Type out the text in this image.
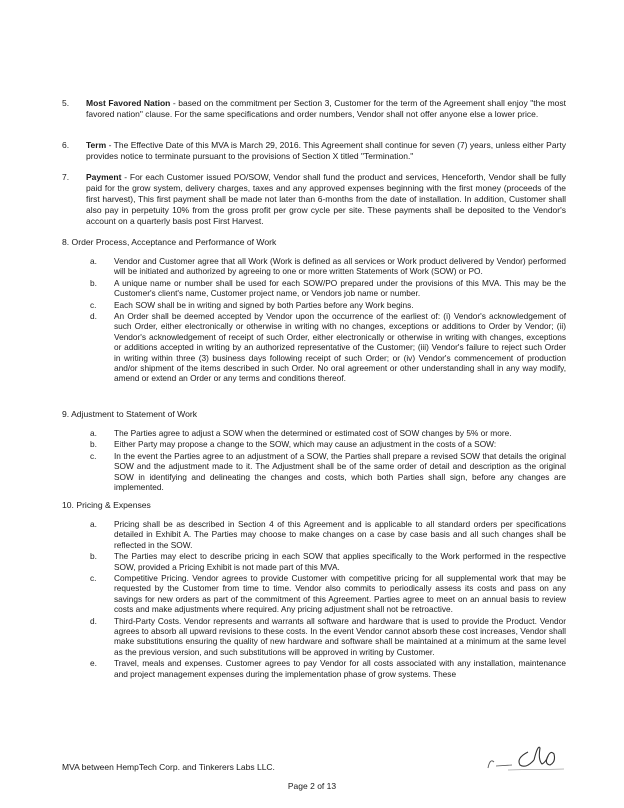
5.	Most Favored Nation - based on the commitment per Section 3, Customer for the term of the Agreement shall enjoy "the most favored nation" clause. For the same specifications and order numbers, Vendor shall not offer anyone else a lower price.
6.	Term - The Effective Date of this MVA is March 29, 2016. This Agreement shall continue for seven (7) years, unless either Party provides notice to terminate pursuant to the provisions of Section X titled "Termination."
7.	Payment - For each Customer issued PO/SOW, Vendor shall fund the product and services, Henceforth, Vendor shall be fully paid for the grow system, delivery charges, taxes and any approved expenses beginning with the first money (proceeds of the first harvest), This first payment shall be made not later than 6-months from the date of installation. In addition, Customer shall also pay in perpetuity 10% from the gross profit per grow cycle per site. These payments shall be deposited to the Vendor's account on a quarterly basis post First Harvest.
8. Order Process, Acceptance and Performance of Work
a. Vendor and Customer agree that all Work (Work is defined as all services or Work product delivered by Vendor) performed will be initiated and authorized by agreeing to one or more written Statements of Work (SOW) or PO.
b. A unique name or number shall be used for each SOW/PO prepared under the provisions of this MVA. This may be the Customer's client's name, Customer project name, or Vendors job name or number.
c. Each SOW shall be in writing and signed by both Parties before any Work begins.
d. An Order shall be deemed accepted by Vendor upon the occurrence of the earliest of: (i) Vendor's acknowledgement of such Order, either electronically or otherwise in writing with no changes, exceptions or additions to Order by Vendor; (ii) Vendor's acknowledgement of receipt of such Order, either electronically or otherwise in writing with changes, exceptions or additions accepted in writing by an authorized representative of the Customer; (iii) Vendor's failure to reject such Order in writing within three (3) business days following receipt of such Order; or (iv) Vendor's commencement of production and/or shipment of the items described in such Order. No oral agreement or other understanding shall in any way modify, amend or extend an Order or any terms and conditions thereof.
9. Adjustment to Statement of Work
a. The Parties agree to adjust a SOW when the determined or estimated cost of SOW changes by 5% or more.
b. Either Party may propose a change to the SOW, which may cause an adjustment in the costs of a SOW:
c. In the event the Parties agree to an adjustment of a SOW, the Parties shall prepare a revised SOW that details the original SOW and the adjustment made to it. The Adjustment shall be of the same order of detail and description as the original SOW in identifying and delineating the changes and costs, which both Parties shall sign, before any changes are implemented.
10. Pricing & Expenses
a. Pricing shall be as described in Section 4 of this Agreement and is applicable to all standard orders per specifications detailed in Exhibit A. The Parties may choose to make changes on a case by case basis and all such changes shall be reflected in the SOW.
b. The Parties may elect to describe pricing in each SOW that applies specifically to the Work performed in the respective SOW, provided a Pricing Exhibit is not made part of this MVA.
c. Competitive Pricing. Vendor agrees to provide Customer with competitive pricing for all supplemental work that may be requested by the Customer from time to time. Vendor also commits to periodically assess its costs and pass on any savings for new orders as part of the commitment of this Agreement. Parties agree to meet on an annual basis to review costs and make adjustments where required. Any pricing adjustment shall not be retroactive.
d. Third-Party Costs. Vendor represents and warrants all software and hardware that is used to provide the Product. Vendor agrees to absorb all upward revisions to these costs. In the event Vendor cannot absorb these cost increases, Vendor shall make substitutions ensuring the quality of new hardware and software shall be maintained at a minimum at the same level as the previous version, and such substitutions will be approved in writing by Customer.
e. Travel, meals and expenses. Customer agrees to pay Vendor for all costs associated with any installation, maintenance and project management expenses during the implementation phase of grow systems. These
MVA between HempTech Corp. and Tinkerers Labs LLC.
Page 2 of 13
